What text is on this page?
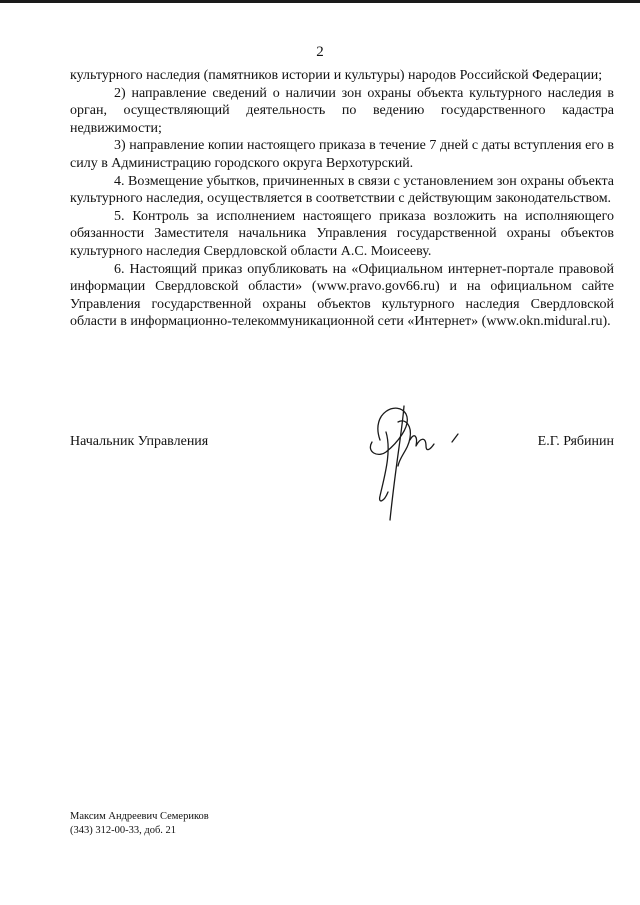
2

культурного наследия (памятников истории и культуры) народов Российской Федерации;

2) направление сведений о наличии зон охраны объекта культурного наследия в орган, осуществляющий деятельность по ведению государственного кадастра недвижимости;

3) направление копии настоящего приказа в течение 7 дней с даты вступления его в силу в Администрацию городского округа Верхотурский.

4. Возмещение убытков, причиненных в связи с установлением зон охраны объекта культурного наследия, осуществляется в соответствии с действующим законодательством.

5. Контроль за исполнением настоящего приказа возложить на исполняющего обязанности Заместителя начальника Управления государственной охраны объектов культурного наследия Свердловской области А.С. Моисееву.

6. Настоящий приказ опубликовать на «Официальном интернет-портале правовой информации Свердловской области» (www.pravo.gov66.ru) и на официальном сайте Управления государственной охраны объектов культурного наследия Свердловской области в информационно-телекоммуникационной сети «Интернет» (www.okn.midural.ru).

Начальник Управления	Е.Г. Рябинин
Максим Андреевич Семериков
(343) 312-00-33, доб. 21
